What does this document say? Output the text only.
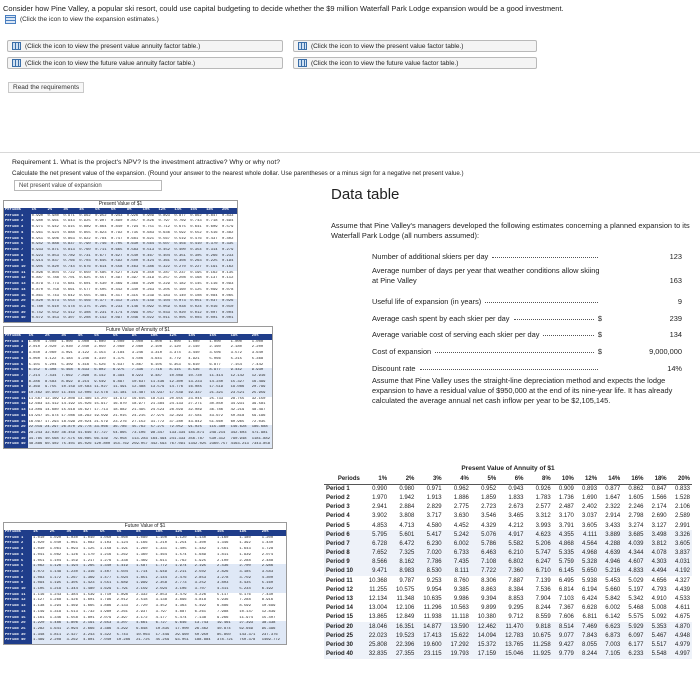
Consider how Pine Valley, a popular ski resort, could use capital budgeting to decide whether the $9 million Waterfall Park Lodge expansion would be a good investment.
(Click the icon to view the expansion estimates.)
(Click the icon to view the present value annuity factor table.)	(Click the icon to view the present value factor table.)
(Click the icon to view the future value annuity factor table.)	(Click the icon to view the future value factor table.)
Read the requirements
Requirement 1. What is the project's NPV? Is the investment attractive? Why or why not?
Calculate the net present value of the expansion. (Round your answer to the nearest whole dollar. Use parentheses or a minus sign for a negative net present value.)
Net present value of expansion
Present Value of $1
Periods	1%	2%	3%	4%	5%	6%	8%	10%	12%	14%	16%	18%	20%
Period 1	0.990	0.980	0.971	0.962	0.952	0.943	0.926	0.909	0.893	0.877	0.862	0.847	0.833
Period 2	0.980	0.961	0.943	0.925	0.907	0.890	0.857	0.826	0.797	0.769	0.743	0.718	0.694
Period 3	0.971	0.942	0.915	0.889	0.864	0.840	0.794	0.751	0.712	0.675	0.641	0.609	0.579
Period 4	0.961	0.924	0.888	0.855	0.823	0.792	0.735	0.683	0.636	0.592	0.552	0.516	0.482
Period 5	0.951	0.906	0.863	0.822	0.784	0.747	0.681	0.621	0.567	0.519	0.476	0.437	0.402
Period 6	0.942	0.888	0.837	0.790	0.746	0.705	0.630	0.564	0.507	0.456	0.410	0.370	0.335
Period 7	0.933	0.871	0.813	0.760	0.711	0.665	0.583	0.513	0.452	0.400	0.354	0.314	0.279
Period 8	0.923	0.853	0.789	0.731	0.677	0.627	0.540	0.467	0.404	0.351	0.305	0.266	0.233
Period 9	0.914	0.837	0.766	0.703	0.645	0.592	0.500	0.424	0.361	0.308	0.263	0.225	0.194
Period 10	0.905	0.820	0.744	0.676	0.614	0.558	0.463	0.386	0.322	0.270	0.227	0.191	0.162
Period 11	0.896	0.804	0.722	0.650	0.585	0.527	0.429	0.350	0.287	0.237	0.195	0.162	0.135
Period 12	0.887	0.788	0.701	0.625	0.557	0.497	0.397	0.319	0.257	0.208	0.168	0.137	0.112
Period 13	0.879	0.773	0.681	0.601	0.530	0.469	0.368	0.290	0.229	0.182	0.145	0.116	0.093
Period 14	0.870	0.758	0.661	0.577	0.505	0.442	0.340	0.263	0.205	0.160	0.125	0.099	0.078
Period 15	0.861	0.743	0.642	0.555	0.481	0.417	0.315	0.239	0.183	0.140	0.108	0.084	0.065
Period 20	0.820	0.673	0.554	0.456	0.377	0.312	0.215	0.149	0.104	0.073	0.051	0.037	0.026
Period 25	0.780	0.610	0.478	0.375	0.295	0.233	0.146	0.092	0.059	0.038	0.024	0.016	0.010
Period 30	0.742	0.552	0.412	0.308	0.231	0.174	0.099	0.057	0.033	0.020	0.012	0.007	0.004
Period 40	0.672	0.453	0.307	0.208	0.142	0.097	0.046	0.022	0.011	0.005	0.003	0.001	0.001
Future Value of Annuity of $1
Periods	1%	2%	3%	4%	5%	6%	8%	10%	12%	14%	16%	18%	20%
Period 1	1.000	1.000	1.000	1.000	1.000	1.000	1.000	1.000	1.000	1.000	1.000	1.000	1.000
Period 2	2.010	2.020	2.030	2.040	2.050	2.060	2.080	2.100	2.120	2.140	2.160	2.180	2.200
Period 3	3.030	3.060	3.091	3.122	3.153	3.184	3.246	3.310	3.374	3.440	3.506	3.572	3.640
Period 4	4.060	4.122	4.184	4.246	4.310	4.375	4.506	4.641	4.779	4.921	5.066	5.215	5.368
Period 5	5.101	5.204	5.309	5.416	5.526	5.637	5.867	6.105	6.353	6.610	6.877	7.154	7.442
Period 6	6.152	6.308	6.468	6.633	6.802	6.975	7.336	7.716	8.115	8.536	8.977	9.442	9.930
Period 7	7.214	7.434	7.662	7.898	8.142	8.394	8.923	9.487	10.089	10.730	11.414	12.142	12.916
Period 8	8.286	8.583	8.892	9.214	9.549	9.897	10.637	11.436	12.300	13.233	14.240	15.327	16.499
Period 9	9.369	9.755	10.159	10.583	11.027	11.491	12.488	13.579	14.776	16.085	17.519	19.086	20.799
Period 10	10.462	10.950	11.464	12.006	12.578	13.181	14.487	15.937	17.549	19.337	21.321	23.521	25.959
Period 11	11.567	12.169	12.808	13.486	14.207	14.972	16.645	18.531	20.655	23.045	25.733	28.755	32.150
Period 12	12.683	13.412	14.192	15.026	15.917	16.870	18.977	21.384	24.133	27.271	30.850	34.931	39.581
Period 13	13.809	14.680	15.618	16.627	17.713	18.882	21.495	24.523	28.029	32.089	36.786	42.219	48.497
Period 14	14.947	15.974	17.086	18.292	19.599	21.015	24.215	27.975	32.393	37.581	43.672	50.818	59.196
Period 15	16.097	17.293	18.599	20.024	21.579	23.276	27.152	31.772	37.280	43.842	51.660	60.965	72.035
Period 20	22.019	24.297	26.870	29.778	33.066	36.786	45.762	57.275	72.052	91.025	115.380	146.628	186.688
Period 25	28.243	32.030	36.459	41.646	47.727	54.865	73.106	98.347	133.334	181.871	249.214	342.603	471.981
Period 30	34.785	40.568	47.575	56.085	66.439	79.058	113.283	164.494	241.333	356.787	530.312	790.948	1181.882
Period 40	48.886	60.402	75.401	95.026	120.800	154.762	259.057	442.593	767.091	1342.025	2360.757	4163.213	7343.858
Future Value of $1
Periods	1%	2%	3%	4%	5%	6%	8%	10%	12%	14%	16%	18%	20%
Period 1	1.010	1.020	1.030	1.040	1.050	1.060	1.080	1.100	1.120	1.140	1.160	1.180	1.200
Period 2	1.020	1.040	1.061	1.082	1.103	1.124	1.166	1.210	1.254	1.300	1.346	1.392	1.440
Period 3	1.030	1.061	1.093	1.125	1.158	1.191	1.260	1.331	1.405	1.482	1.561	1.643	1.728
Period 4	1.041	1.082	1.126	1.170	1.216	1.262	1.360	1.464	1.574	1.689	1.811	1.939	2.074
Period 5	1.051	1.104	1.159	1.217	1.276	1.338	1.469	1.611	1.762	1.925	2.100	2.288	2.488
Period 6	1.062	1.126	1.194	1.265	1.340	1.419	1.587	1.772	1.974	2.195	2.436	2.700	2.986
Period 7	1.072	1.149	1.230	1.316	1.407	1.504	1.714	1.949	2.211	2.502	2.826	3.185	3.583
Period 8	1.083	1.172	1.267	1.369	1.477	1.594	1.851	2.144	2.476	2.853	3.278	3.759	4.300
Period 9	1.094	1.195	1.305	1.423	1.551	1.689	1.999	2.358	2.773	3.252	3.803	4.435	5.160
Period 10	1.105	1.219	1.344	1.480	1.629	1.791	2.159	2.594	3.106	3.707	4.411	5.234	6.192
Period 11	1.116	1.243	1.384	1.539	1.710	1.898	2.332	2.853	3.479	4.226	5.117	6.176	7.430
Period 12	1.127	1.268	1.426	1.601	1.796	2.012	2.518	3.138	3.896	4.818	5.936	7.288	8.916
Period 13	1.138	1.294	1.469	1.665	1.886	2.133	2.720	3.452	4.363	5.492	6.886	8.599	10.699
Period 14	1.149	1.319	1.513	1.732	1.980	2.261	2.937	3.797	4.887	6.261	7.988	10.147	12.839
Period 15	1.161	1.346	1.558	1.801	2.079	2.397	3.172	4.177	5.474	7.138	9.266	11.974	15.407
Period 20	1.220	1.486	1.806	2.191	2.653	3.207	4.661	6.727	9.646	13.743	19.461	27.393	38.338
Period 25	1.282	1.641	2.094	2.666	3.386	4.292	6.848	10.835	17.000	26.462	40.874	62.669	95.396
Period 30	1.348	1.811	2.427	3.243	4.322	5.743	10.063	17.449	29.960	50.950	85.850	143.371	237.376
Period 40	1.489	2.208	3.262	4.801	7.040	10.286	21.725	45.259	93.051	188.884	378.721	750.378	1469.772
Data table
Assume that Pine Valley's managers developed the following estimates concerning a planned expansion to its Waterfall Park Lodge (all numbers assumed):
Number of additional skiers per day	123
Average number of days per year that weather conditions allow skiing at Pine Valley	163
Useful life of expansion (in years)	9
Average cash spent by each skier per day	$	239
Average variable cost of serving each skier per day	$	134
Cost of expansion	$	9,000,000
Discount rate	14%
Assume that Pine Valley uses the straight-line depreciation method and expects the lodge expansion to have a residual value of $950,000 at the end of its nine-year life. It has already calculated the average annual net cash inflow per year to be $2,105,145.
Present Value of Annuity of $1
Periods	1%	2%	3%	4%	5%	6%	8%	10%	12%	14%	16%	18%	20%
Period 1	0.990	0.980	0.971	0.962	0.952	0.943	0.926	0.909	0.893	0.877	0.862	0.847	0.833
Period 2	1.970	1.942	1.913	1.886	1.859	1.833	1.783	1.736	1.690	1.647	1.605	1.566	1.528
Period 3	2.941	2.884	2.829	2.775	2.723	2.673	2.577	2.487	2.402	2.322	2.246	2.174	2.106
Period 4	3.902	3.808	3.717	3.630	3.546	3.465	3.312	3.170	3.037	2.914	2.798	2.690	2.589
Period 5	4.853	4.713	4.580	4.452	4.329	4.212	3.993	3.791	3.605	3.433	3.274	3.127	2.991
Period 6	5.795	5.601	5.417	5.242	5.076	4.917	4.623	4.355	4.111	3.889	3.685	3.498	3.326
Period 7	6.728	6.472	6.230	6.002	5.786	5.582	5.206	4.868	4.564	4.288	4.039	3.812	3.605
Period 8	7.652	7.325	7.020	6.733	6.463	6.210	5.747	5.335	4.968	4.639	4.344	4.078	3.837
Period 9	8.566	8.162	7.786	7.435	7.108	6.802	6.247	5.759	5.328	4.946	4.607	4.303	4.031
Period 10	9.471	8.983	8.530	8.111	7.722	7.360	6.710	6.145	5.650	5.216	4.833	4.494	4.192
Period 11	10.368	9.787	9.253	8.760	8.306	7.887	7.139	6.495	5.938	5.453	5.029	4.656	4.327
Period 12	11.255	10.575	9.954	9.385	8.863	8.384	7.536	6.814	6.194	5.660	5.197	4.793	4.439
Period 13	12.134	11.348	10.635	9.986	9.394	8.853	7.904	7.103	6.424	5.842	5.342	4.910	4.533
Period 14	13.004	12.106	11.296	10.563	9.899	9.295	8.244	7.367	6.628	6.002	5.468	5.008	4.611
Period 15	13.865	12.849	11.938	11.118	10.380	9.712	8.559	7.606	6.811	6.142	5.575	5.092	4.675
Period 20	18.046	16.351	14.877	13.590	12.462	11.470	9.818	8.514	7.469	6.623	5.929	5.353	4.870
Period 25	22.023	19.523	17.413	15.622	14.094	12.783	10.675	9.077	7.843	6.873	6.097	5.467	4.948
Period 30	25.808	22.396	19.600	17.292	15.372	13.765	11.258	9.427	8.055	7.003	6.177	5.517	4.979
Period 40	32.835	27.355	23.115	19.793	17.159	15.046	11.925	9.779	8.244	7.105	6.233	5.548	4.997
